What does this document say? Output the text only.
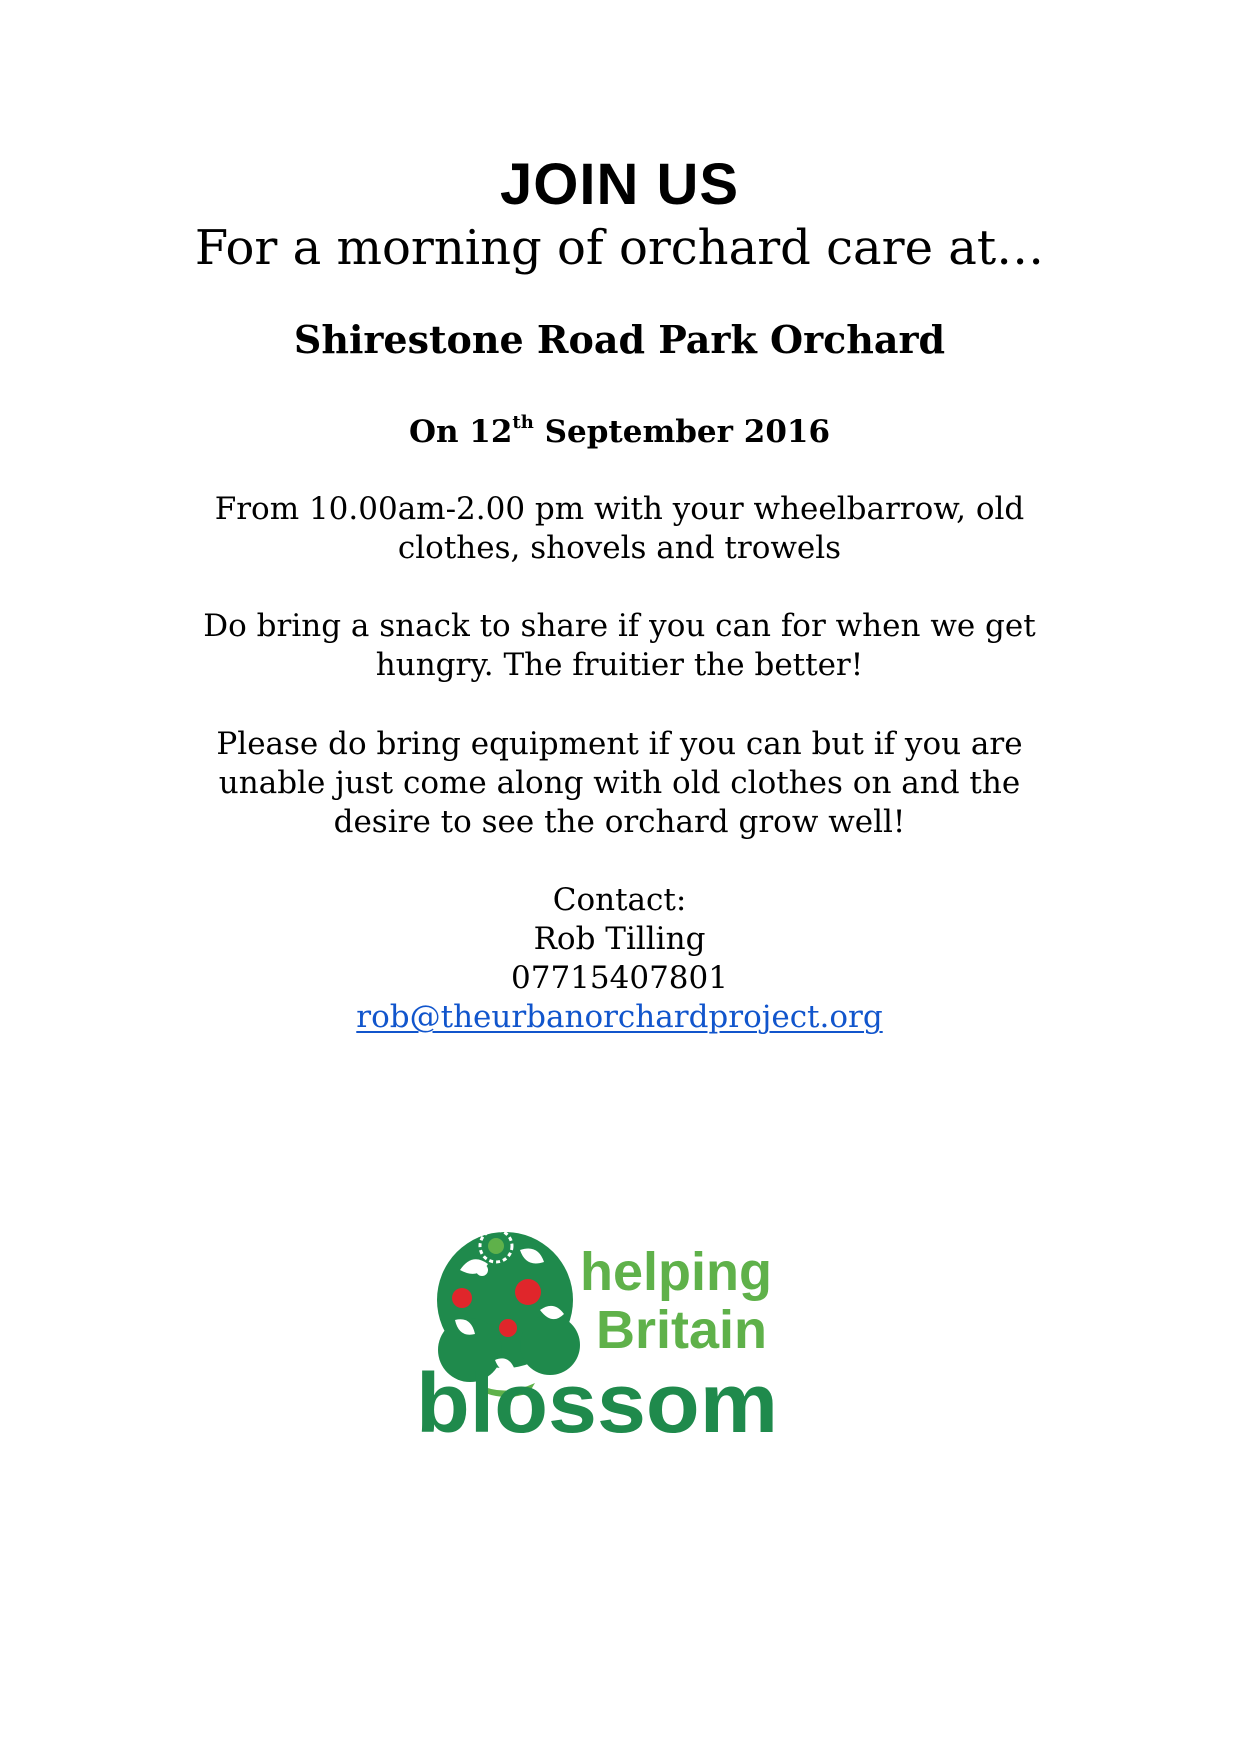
JOIN US
For a morning of orchard care at…
Shirestone Road Park Orchard
On 12th September 2016
From 10.00am-2.00 pm with your wheelbarrow, old
clothes, shovels and trowels
Do bring a snack to share if you can for when we get
hungry. The fruitier the better!
Please do bring equipment if you can but if you are
unable just come along with old clothes on and the
desire to see the orchard grow well!
Contact:
Rob Tilling
07715407801
rob@theurbanorchardproject.org
helping
Britain
blossom
